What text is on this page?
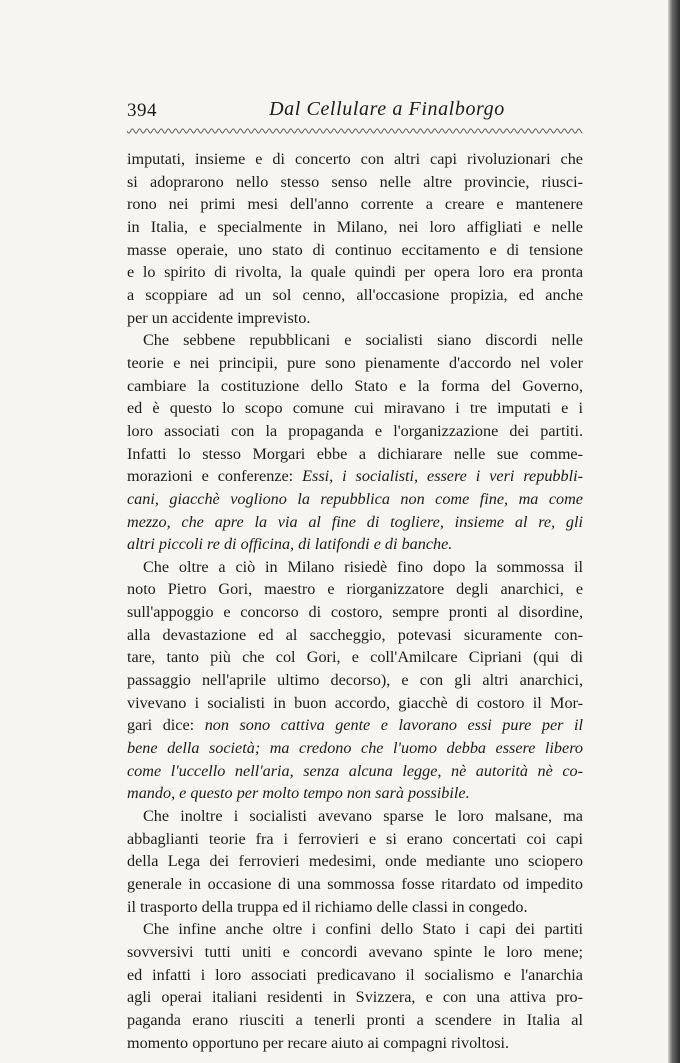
394	Dal Cellulare a Finalborgo
imputati, insieme e di concerto con altri capi rivoluzionari che
si adoprarono nello stesso senso nelle altre provincie, riusci-
rono nei primi mesi dell'anno corrente a creare e mantenere
in Italia, e specialmente in Milano, nei loro affigliati e nelle
masse operaie, uno stato di continuo eccitamento e di tensione
e lo spirito di rivolta, la quale quindi per opera loro era pronta
a scoppiare ad un sol cenno, all'occasione propizia, ed anche
per un accidente imprevisto.
Che sebbene repubblicani e socialisti siano discordi nelle
teorie e nei principii, pure sono pienamente d'accordo nel voler
cambiare la costituzione dello Stato e la forma del Governo,
ed è questo lo scopo comune cui miravano i tre imputati e i
loro associati con la propaganda e l'organizzazione dei partiti.
Infatti lo stesso Morgari ebbe a dichiarare nelle sue comme-
morazioni e conferenze: Essi, i socialisti, essere i veri repubbli-
cani, giacchè vogliono la repubblica non come fine, ma come
mezzo, che apre la via al fine di togliere, insieme al re, gli
altri piccoli re di officina, di latifondi e di banche.
Che oltre a ciò in Milano risiedè fino dopo la sommossa il
noto Pietro Gori, maestro e riorganizzatore degli anarchici, e
sull'appoggio e concorso di costoro, sempre pronti al disordine,
alla devastazione ed al saccheggio, potevasi sicuramente con-
tare, tanto più che col Gori, e coll'Amilcare Cipriani (qui di
passaggio nell'aprile ultimo decorso), e con gli altri anarchici,
vivevano i socialisti in buon accordo, giacchè di costoro il Mor-
gari dice: non sono cattiva gente e lavorano essi pure per il
bene della società; ma credono che l'uomo debba essere libero
come l'uccello nell'aria, senza alcuna legge, nè autorità nè co-
mando, e questo per molto tempo non sarà possibile.
Che inoltre i socialisti avevano sparse le loro malsane, ma
abbaglianti teorie fra i ferrovieri e si erano concertati coi capi
della Lega dei ferrovieri medesimi, onde mediante uno sciopero
generale in occasione di una sommossa fosse ritardato od impedito
il trasporto della truppa ed il richiamo delle classi in congedo.
Che infine anche oltre i confini dello Stato i capi dei partiti
sovversivi tutti uniti e concordi avevano spinte le loro mene;
ed infatti i loro associati predicavano il socialismo e l'anarchia
agli operai italiani residenti in Svizzera, e con una attiva pro-
paganda erano riusciti a tenerli pronti a scendere in Italia al
momento opportuno per recare aiuto ai compagni rivoltosi.
